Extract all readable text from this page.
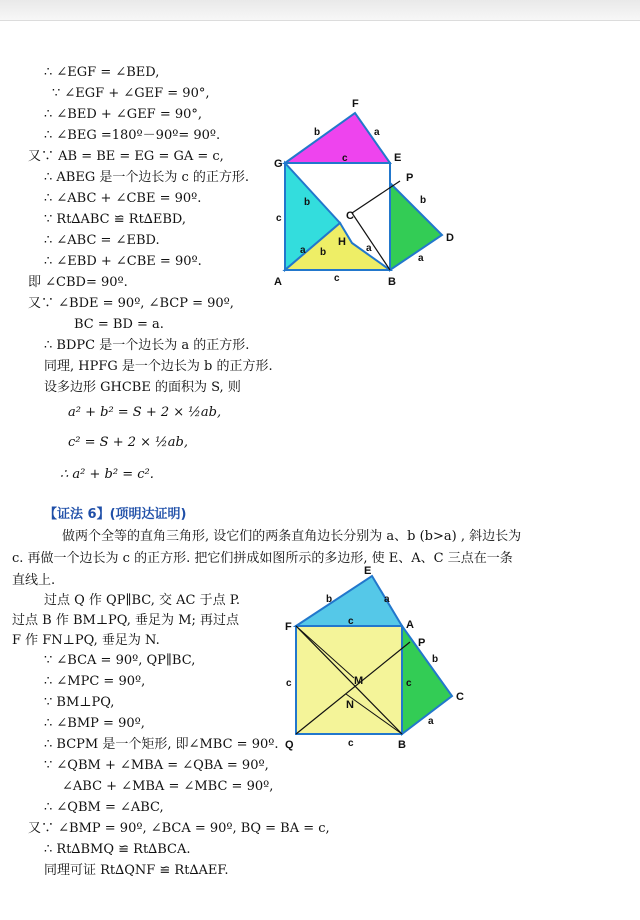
∴ ∠EGF = ∠BED,
∵ ∠EGF + ∠GEF = 90°,
∴ ∠BED + ∠GEF = 90°,
∴ ∠BEG =180º－90º= 90º.
又∵ AB = BE = EG = GA = c,
∴ ABEG 是一个边长为 c 的正方形.
∴ ∠ABC + ∠CBE = 90º.
∵ Rt∆ABC ≌ Rt∆EBD,
∴ ∠ABC = ∠EBD.
∴ ∠EBD + ∠CBE = 90º.
即 ∠CBD= 90º.
又∵ ∠BDE = 90º, ∠BCP = 90º,
BC = BD = a.
∴ BDPC 是一个边长为 a 的正方形.
同理, HPFG 是一个边长为 b 的正方形.
设多边形 GHCBE 的面积为 S, 则
a² + b² = S + 2 × ½ab,
c² = S + 2 × ½ab,
∴ a² + b² = c².
F
G	E
P
C
H	D
A	B
b	a
c
b
b
c
a b	a
c
a
【证法 6】(项明达证明)
做两个全等的直角三角形, 设它们的两条直角边长分别为 a、b (b>a) , 斜边长为
c. 再做一个边长为 c 的正方形. 把它们拼成如图所示的多边形, 使 E、A、C 三点在一条
直线上.
过点 Q 作 QP∥BC, 交 AC 于点 P.
过点 B 作 BM⊥PQ, 垂足为 M; 再过点
F 作 FN⊥PQ, 垂足为 N.
∵ ∠BCA = 90º, QP∥BC,
∴ ∠MPC = 90º,
∵ BM⊥PQ,
∴ ∠BMP = 90º,
∴ BCPM 是一个矩形, 即∠MBC = 90º.
∵ ∠QBM + ∠MBA = ∠QBA = 90º,
∠ABC + ∠MBA = ∠MBC = 90º,
∴ ∠QBM = ∠ABC,
又∵ ∠BMP = 90º, ∠BCA = 90º, BQ = BA = c,
∴ Rt∆BMQ ≌ Rt∆BCA.
同理可证 Rt∆QNF ≌ Rt∆AEF.
E
F	A
P
M
N
C
Q	B
b	a
c
b
c	c
a
c
